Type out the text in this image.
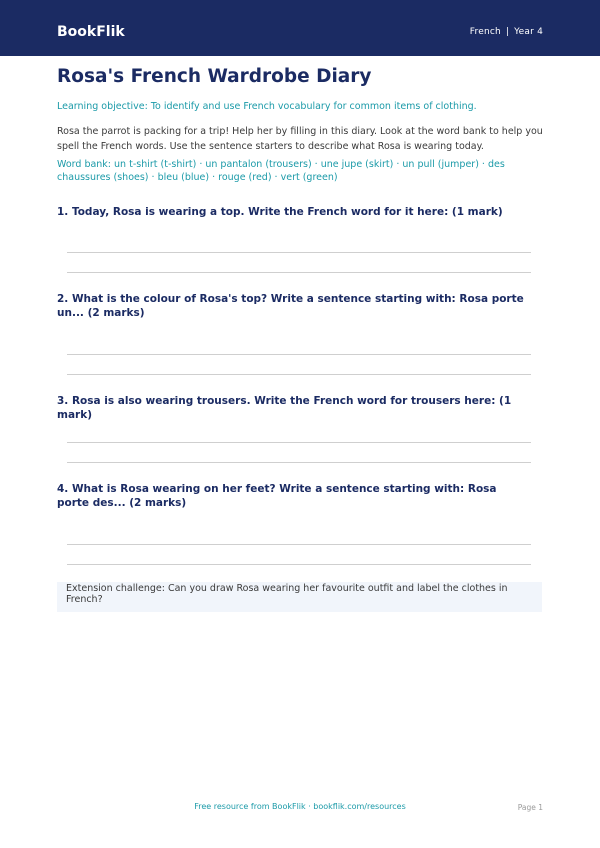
BookFlik	French | Year 4
Rosa's French Wardrobe Diary
Learning objective: To identify and use French vocabulary for common items of clothing.
Rosa the parrot is packing for a trip! Help her by filling in this diary. Look at the word bank to help you spell the French words. Use the sentence starters to describe what Rosa is wearing today.
Word bank: un t-shirt (t-shirt) · un pantalon (trousers) · une jupe (skirt) · un pull (jumper) · des chaussures (shoes) · bleu (blue) · rouge (red) · vert (green)
1. Today, Rosa is wearing a top. Write the French word for it here: (1 mark)
2. What is the colour of Rosa's top? Write a sentence starting with: Rosa porte un... (2 marks)
3. Rosa is also wearing trousers. Write the French word for trousers here: (1 mark)
4. What is Rosa wearing on her feet? Write a sentence starting with: Rosa porte des... (2 marks)
Extension challenge: Can you draw Rosa wearing her favourite outfit and label the clothes in French?
Free resource from BookFlik · bookflik.com/resources	Page 1
